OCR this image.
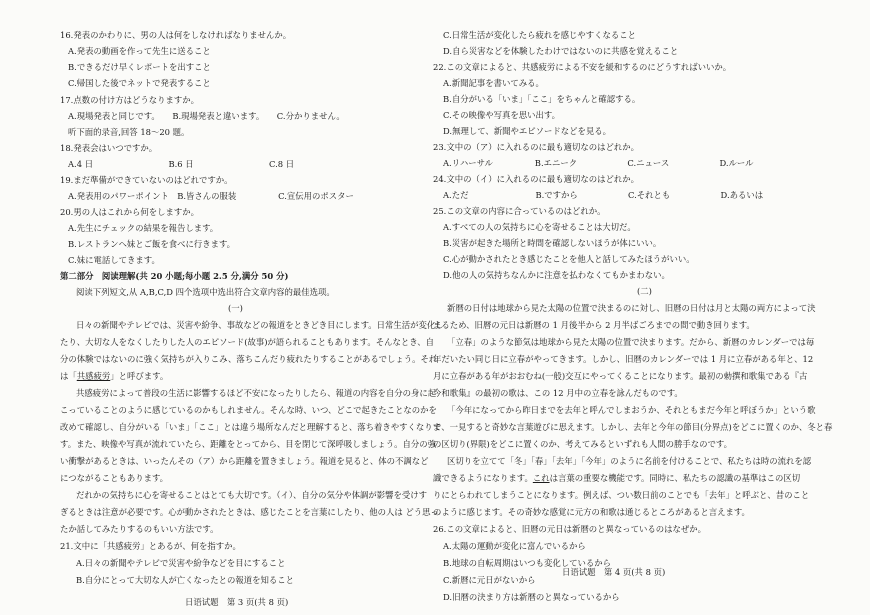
16.発表のかわりに、男の人は何をしなければなりませんか。
A.発表の動画を作って先生に送ること
B.できるだけ早くレポートを出すこと
C.帰国した後でネットで発表すること
17.点数の付け方はどうなりますか。
A.現場発表と同じです。　　B.現場発表と違います。　　C.分かりません。
听下面的录音,回答 18～20 题。
18.発表会はいつですか。
A.4 日　　　　　　　　　B.6 日　　　　　　　　　C.8 日
19.まだ準備ができていないのはどれですか。
A.発表用のパワーポイント　B.皆さんの服装　　　　　C.宣伝用のポスター
20.男の人はこれから何をしますか。
A.先生にチェックの結果を報告します。
B.レストランへ妹とご飯を食べに行きます。
C.妹に電話してきます。
第二部分　阅读理解(共 20 小题;每小题 2.5 分,满分 50 分)
阅读下列短文,从 A,B,C,D 四个选项中选出符合文章内容的最佳选项。
(一)
日々の新聞やテレビでは、災害や紛争、事故などの報道をときどき目にします。日常生活が変化し
たり、大切な人をなくしたりした人のエピソード(故事)が語られることもあります。そんなとき、自
分の体験ではないのに強く気持ちが入りこみ、落ちこんだり疲れたりすることがあるでしょう。それ
は「共感疲労」と呼びます。
共感疲労によって普段の生活に影響するほど不安になったりしたら、報道の内容を自分の身に起
こっていることのように感じているのかもしれません。そんな時、いつ、どこで起きたことなのかを
改めて確認し、自分がいる「いま」「ここ」とは違う場所なんだと理解すると、落ち着きやすくなりま
す。また、映像や写真が流れていたら、距離をとってから、目を閉じて深呼吸しましょう。自分の強
い衝撃があるときは、いったんその（ア）から距離を置きましょう。報道を見ると、体の不調など
につながることもあります。
だれかの気持ちに心を寄せることはとても大切です。（イ）、自分の気分や体調が影響を受けす
ぎるときは注意が必要です。心が動かされたときは、感じたことを言葉にしたり、他の人は どう思っ
たか話してみたりするのもいい方法です。
21.文中に「共感疲労」とあるが、何を指すか。
A.日々の新聞やテレビで災害や紛争などを目にすること
B.自分にとって大切な人が亡くなったとの報道を知ること
C.日常生活が変化したら疲れを感じやすくなること
D.自ら災害などを体験したわけではないのに共感を覚えること
22.この文章によると、共感疲労による不安を緩和するのにどうすればいいか。
A.新聞記事を書いてみる。
B.自分がいる「いま」「ここ」をちゃんと確認する。
C.その映像や写真を思い出す。
D.無理して、新聞やエピソードなどを見る。
23.文中の（ア）に入れるのに最も適切なのはどれか。
A.リハーサル　　　　　B.エニーク　　　　　　C.ニュース　　　　　　D.ルール
24.文中の（イ）に入れるのに最も適切なのはどれか。
A.ただ　　　　　　　　B.ですから　　　　　　C.それとも　　　　　　D.あるいは
25.この文章の内容に合っているのはどれか。
A.すべての人の気持ちに心を寄せることは大切だ。
B.災害が起きた場所と時間を確認しないほうが体にいい。
C.心が動かされたとき感じたことを他人と話してみたほうがいい。
D.他の人の気持ちなんかに注意を払わなくてもかまわない。
(二)
新暦の日付は地球から見た太陽の位置で決まるのに対し、旧暦の日付は月と太陽の両方によって決
まるため、旧暦の元日は新暦の 1 月後半から 2 月半ばごろまでの間で動き回ります。
「立春」のような節気は地球から見た太陽の位置で決まります。だから、新暦のカレンダーでは毎
年だいたい同じ日に立春がやってきます。しかし、旧暦のカレンダーでは 1 月に立春がある年と、12
月に立春がある年がおおむね(一般)交互にやってくることになります。最初の勅撰和歌集である『古
今和歌集』の最初の歌は、この 12 月中の立春を詠んだものです。
「今年になってから昨日までを去年と呼んでしまおうか、それともまだ今年と呼ぼうか」という歌
で、一見すると奇妙な言葉遊びに思えます。しかし、去年と今年の節目(分界点)をどこに置くのか、冬と春
の区切り(界限)をどこに置くのか、考えてみるといずれも人間の勝手なのです。
区切りを立てて「冬」「春」「去年」「今年」のように名前を付けることで、私たちは時の流れを認
識できるようになります。これは言葉の重要な機能です。同時に、私たちの認識の基準はこの区切
りにとらわれてしまうことになります。例えば、つい数日前のことでも「去年」と呼ぶと、昔のこと
のように感じます。その奇妙な感覚に元方の和歌は通じるところがあると言えます。
26.この文章によると、旧暦の元日は新暦のと異なっているのはなぜか。
A.太陽の運動が変化に富んでいるから
B.地球の自転周期はいつも変化しているから
C.新暦に元日がないから
D.旧暦の決まり方は新暦のと異なっているから
日语试题　第 3 页(共 8 页)
日语试题　第 4 页(共 8 页)
